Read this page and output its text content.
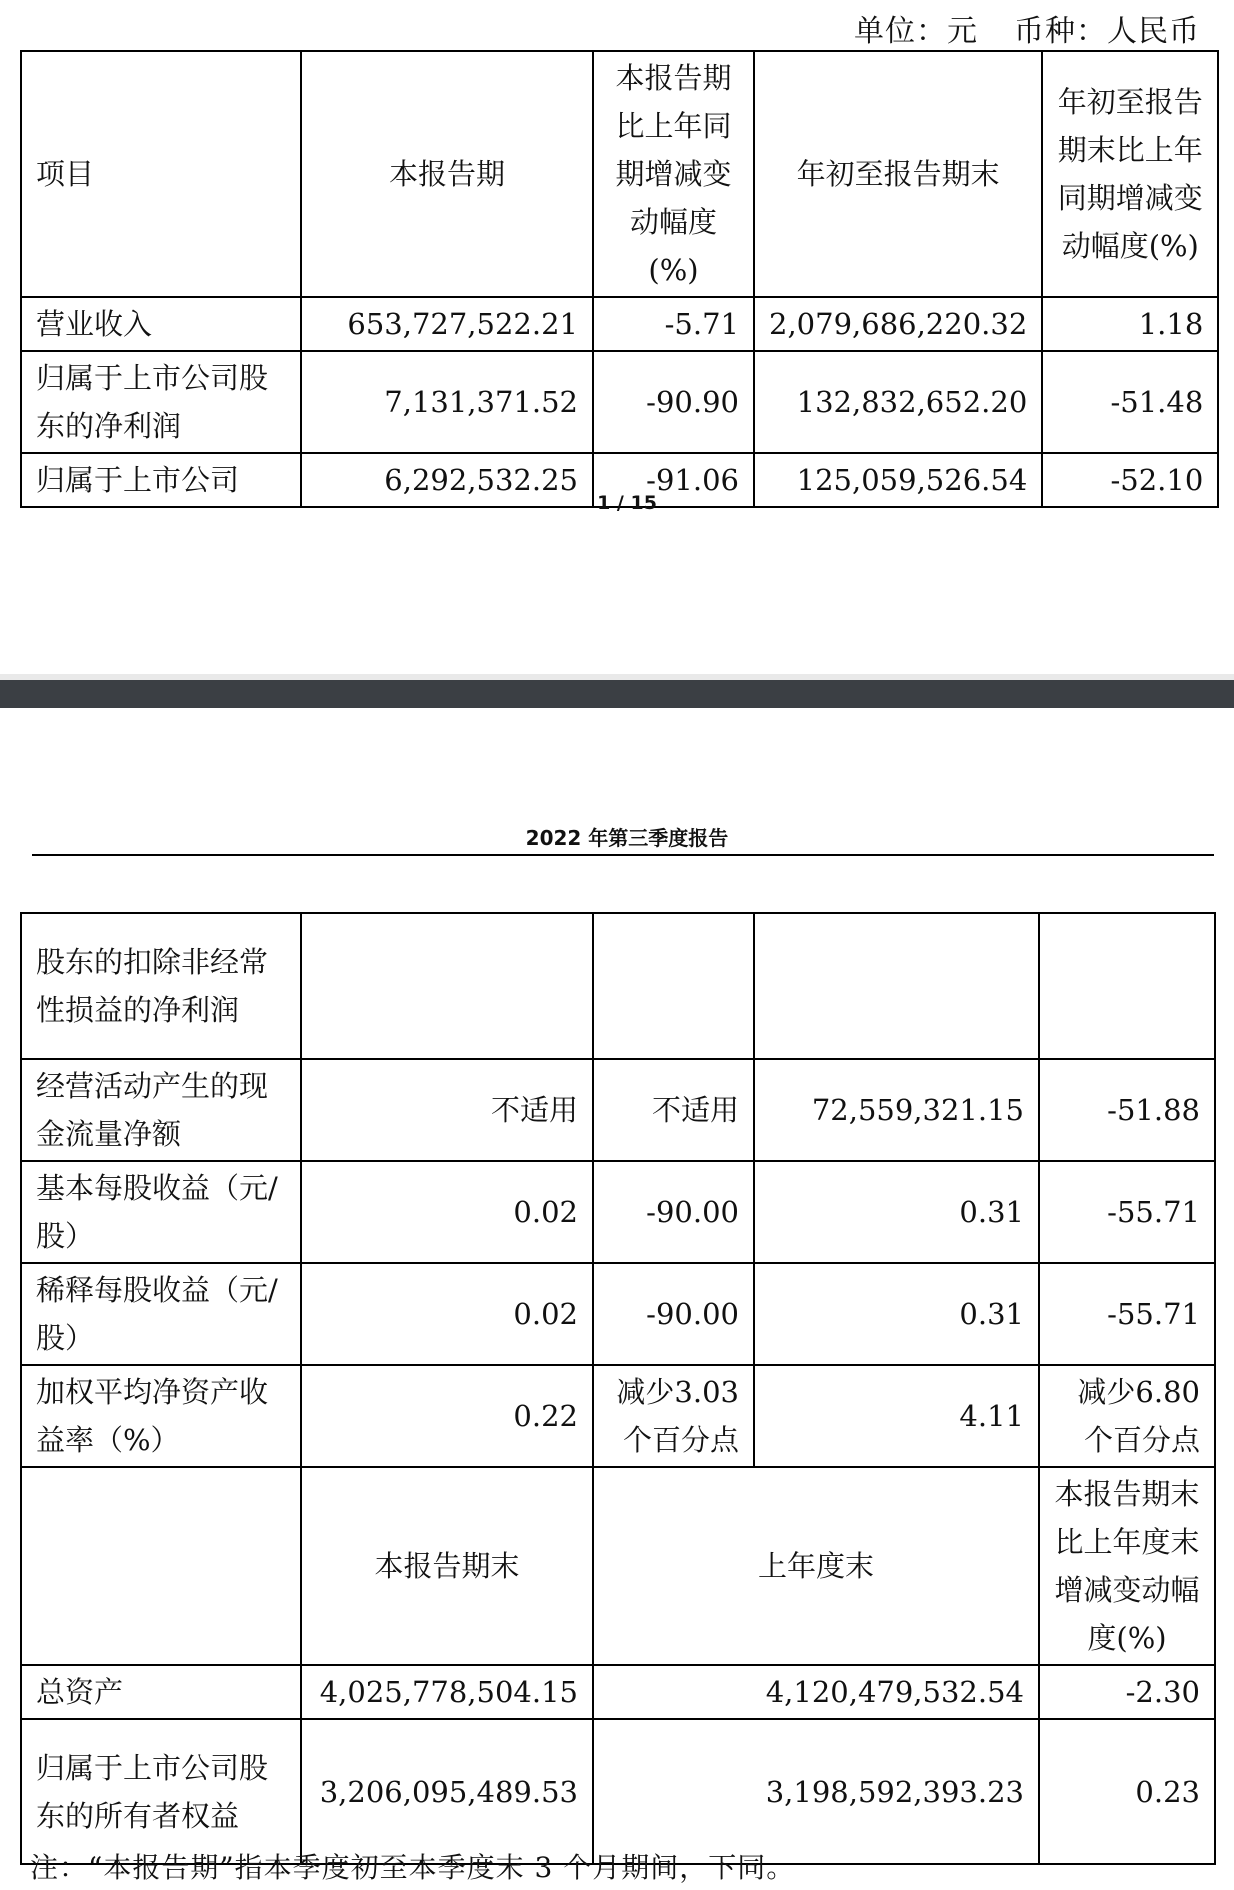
单位：元 币种：人民币
项目	本报告期	本报告期比上年同期增减变动幅度(%)	年初至报告期末	年初至报告期末比上年同期增减变动幅度(%)
营业收入	653,727,522.21	-5.71	2,079,686,220.32	1.18
归属于上市公司股东的净利润	7,131,371.52	-90.90	132,832,652.20	-51.48
归属于上市公司	6,292,532.25	-91.06	125,059,526.54	-52.10
1 / 15
2022 年第三季度报告
股东的扣除非经常性损益的净利润				
经营活动产生的现金流量净额	不适用	不适用	72,559,321.15	-51.88
基本每股收益（元/股）	0.02	-90.00	0.31	-55.71
稀释每股收益（元/股）	0.02	-90.00	0.31	-55.71
加权平均净资产收益率（%）	0.22	减少3.03个百分点	4.11	减少6.80个百分点
	本报告期末	上年度末		本报告期末比上年度末增减变动幅度(%)
总资产	4,025,778,504.15	4,120,479,532.54		-2.30
归属于上市公司股东的所有者权益	3,206,095,489.53	3,198,592,393.23		0.23
注：“本报告期”指本季度初至本季度末 3 个月期间，下同。
